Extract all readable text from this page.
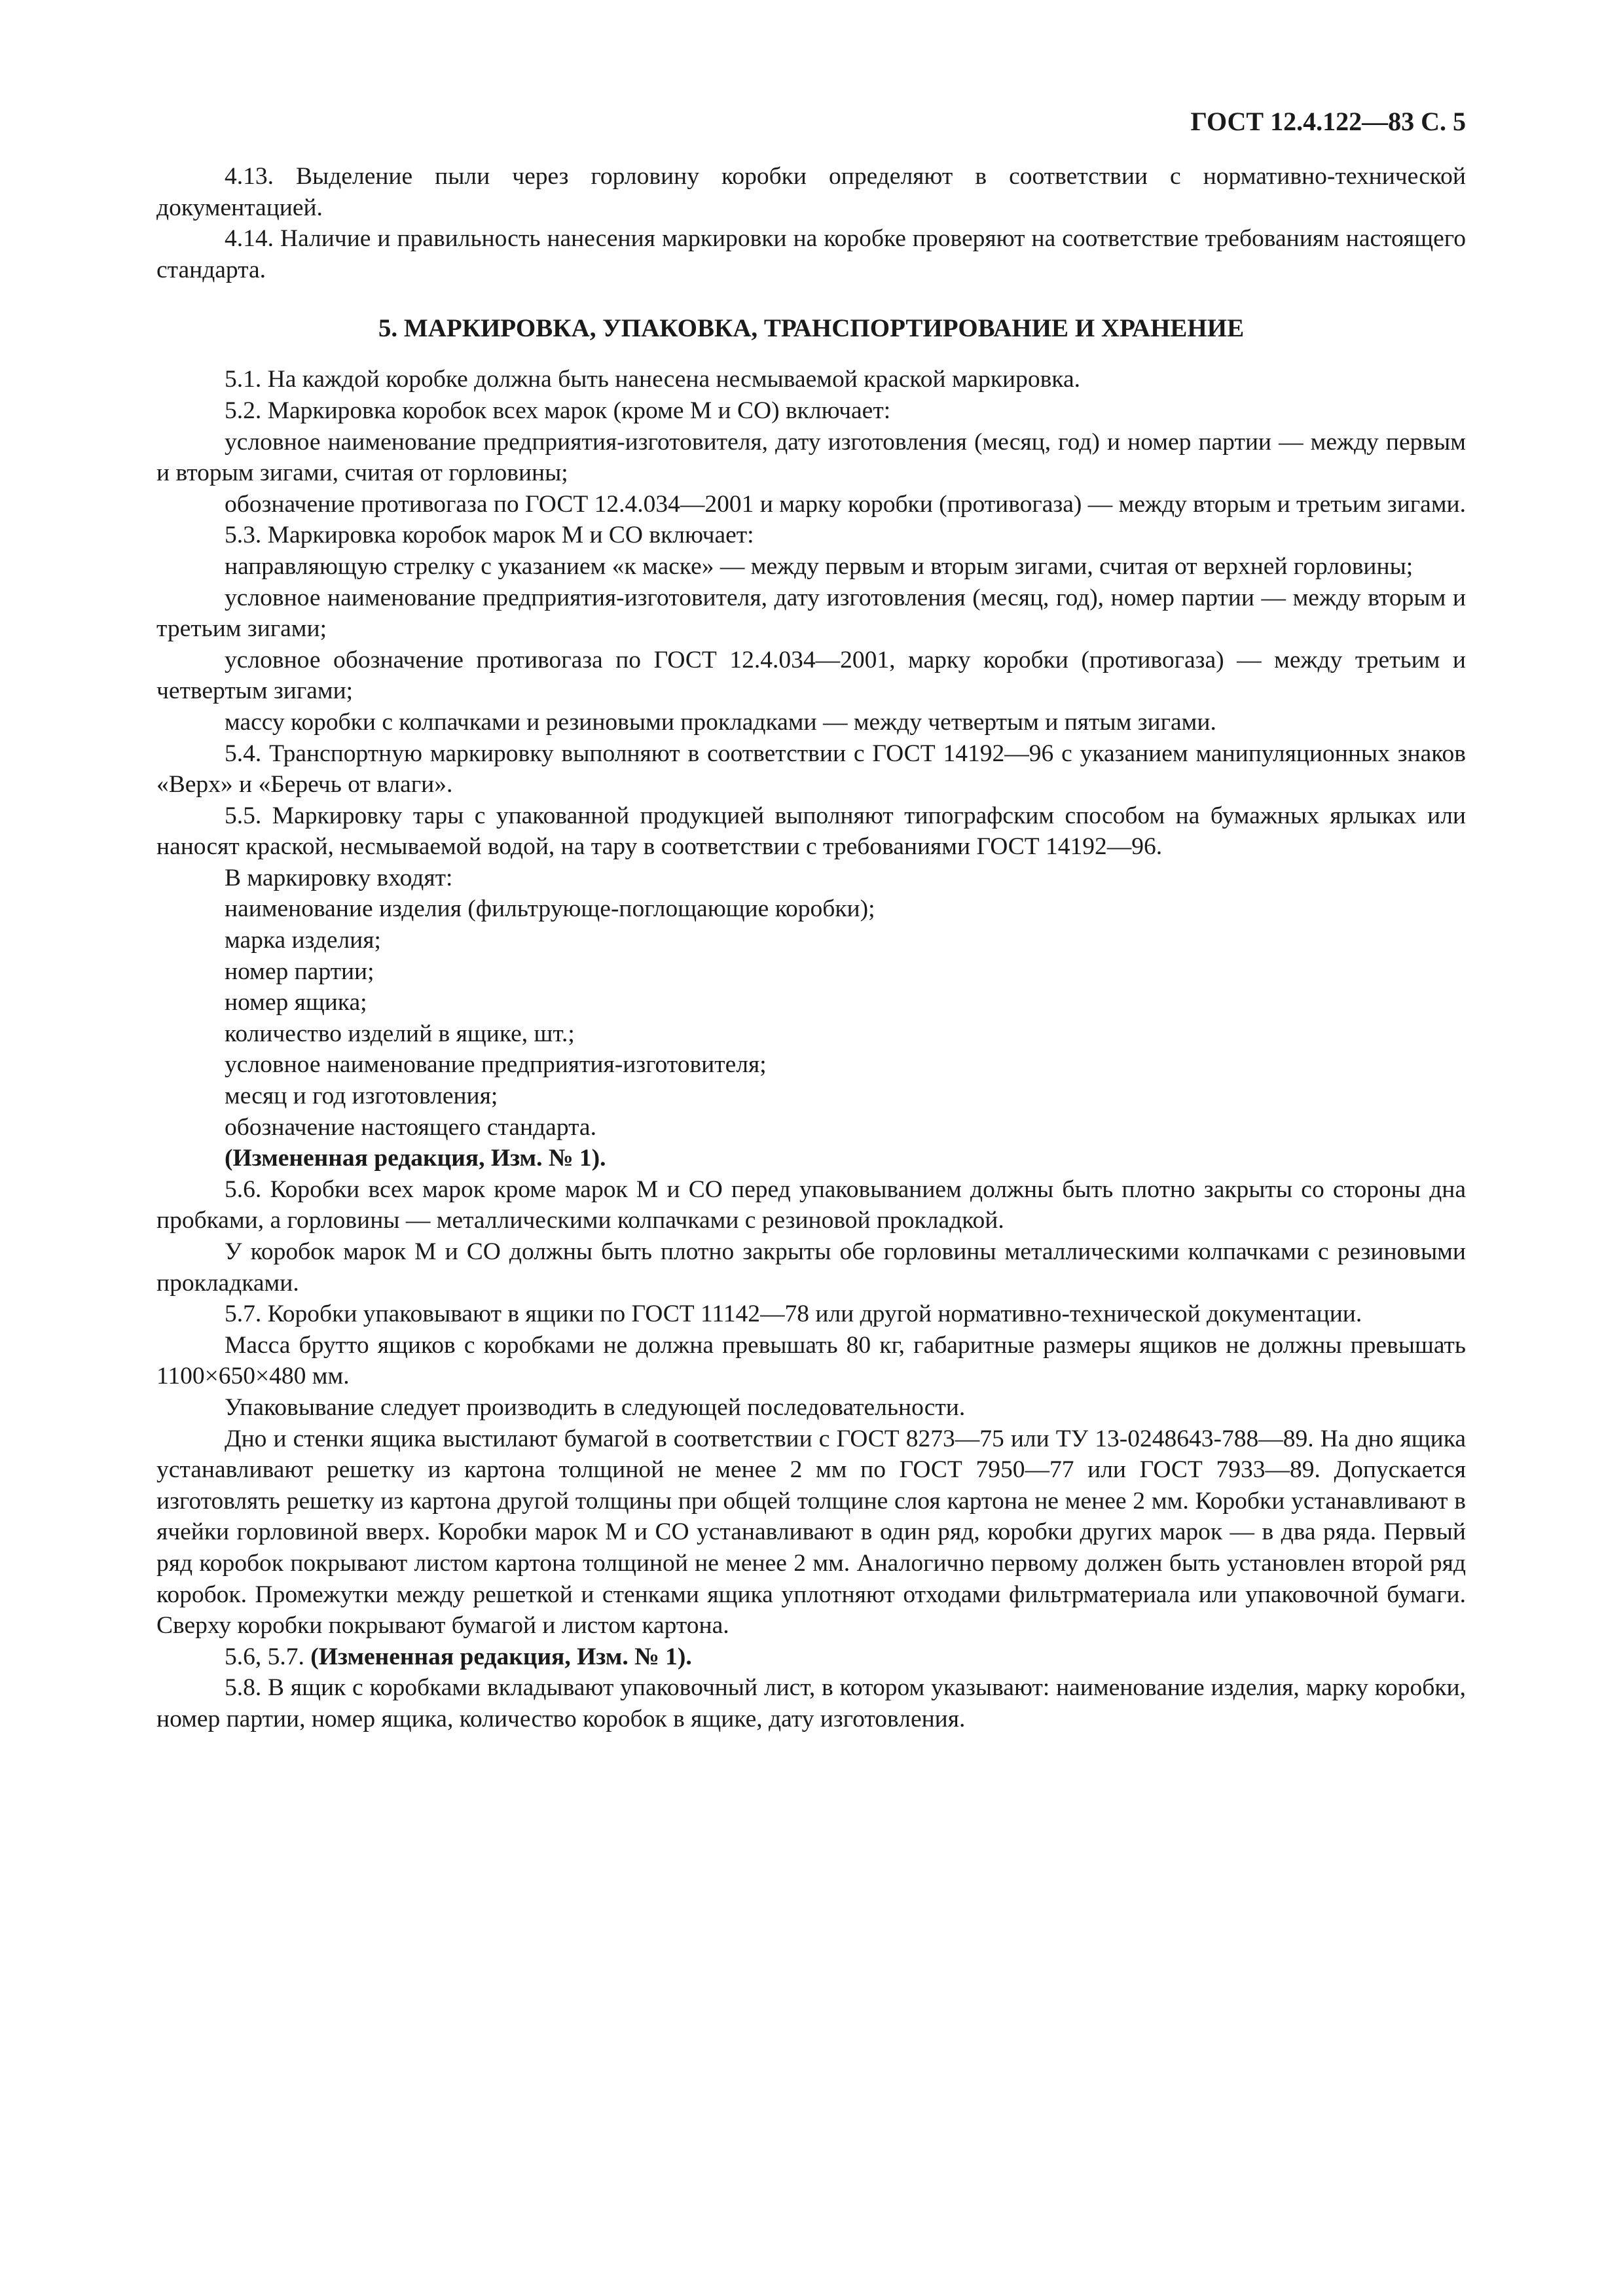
ГОСТ 12.4.122—83 С. 5

4.13. Выделение пыли через горловину коробки определяют в соответствии с нормативно-технической документацией.

4.14. Наличие и правильность нанесения маркировки на коробке проверяют на соответствие требованиям настоящего стандарта.

5. МАРКИРОВКА, УПАКОВКА, ТРАНСПОРТИРОВАНИЕ И ХРАНЕНИЕ

5.1. На каждой коробке должна быть нанесена несмываемой краской маркировка.

5.2. Маркировка коробок всех марок (кроме М и СО) включает:

условное наименование предприятия-изготовителя, дату изготовления (месяц, год) и номер партии — между первым и вторым зигами, считая от горловины;

обозначение противогаза по ГОСТ 12.4.034—2001 и марку коробки (противогаза) — между вторым и третьим зигами.

5.3. Маркировка коробок марок М и СО включает:

направляющую стрелку с указанием «к маске» — между первым и вторым зигами, считая от верхней горловины;

условное наименование предприятия-изготовителя, дату изготовления (месяц, год), номер партии — между вторым и третьим зигами;

условное обозначение противогаза по ГОСТ 12.4.034—2001, марку коробки (противогаза) — между третьим и четвертым зигами;

массу коробки с колпачками и резиновыми прокладками — между четвертым и пятым зигами.

5.4. Транспортную маркировку выполняют в соответствии с ГОСТ 14192—96 с указанием манипуляционных знаков «Верх» и «Беречь от влаги».

5.5. Маркировку тары с упакованной продукцией выполняют типографским способом на бумажных ярлыках или наносят краской, несмываемой водой, на тару в соответствии с требованиями ГОСТ 14192—96.

В маркировку входят:

наименование изделия (фильтрующе-поглощающие коробки);

марка изделия;

номер партии;

номер ящика;

количество изделий в ящике, шт.;

условное наименование предприятия-изготовителя;

месяц и год изготовления;

обозначение настоящего стандарта.

(Измененная редакция, Изм. № 1).

5.6. Коробки всех марок кроме марок М и СО перед упаковыванием должны быть плотно закрыты со стороны дна пробками, а горловины — металлическими колпачками с резиновой прокладкой.

У коробок марок М и СО должны быть плотно закрыты обе горловины металлическими колпачками с резиновыми прокладками.

5.7. Коробки упаковывают в ящики по ГОСТ 11142—78 или другой нормативно-технической документации.

Масса брутто ящиков с коробками не должна превышать 80 кг, габаритные размеры ящиков не должны превышать 1100×650×480 мм.

Упаковывание следует производить в следующей последовательности.

Дно и стенки ящика выстилают бумагой в соответствии с ГОСТ 8273—75 или ТУ 13-0248643-788—89. На дно ящика устанавливают решетку из картона толщиной не менее 2 мм по ГОСТ 7950—77 или ГОСТ 7933—89. Допускается изготовлять решетку из картона другой толщины при общей толщине слоя картона не менее 2 мм. Коробки устанавливают в ячейки горловиной вверх. Коробки марок М и СО устанавливают в один ряд, коробки других марок — в два ряда. Первый ряд коробок покрывают листом картона толщиной не менее 2 мм. Аналогично первому должен быть установлен второй ряд коробок. Промежутки между решеткой и стенками ящика уплотняют отходами фильтрматериала или упаковочной бумаги. Сверху коробки покрывают бумагой и листом картона.

5.6, 5.7. (Измененная редакция, Изм. № 1).

5.8. В ящик с коробками вкладывают упаковочный лист, в котором указывают: наименование изделия, марку коробки, номер партии, номер ящика, количество коробок в ящике, дату изготовления.
